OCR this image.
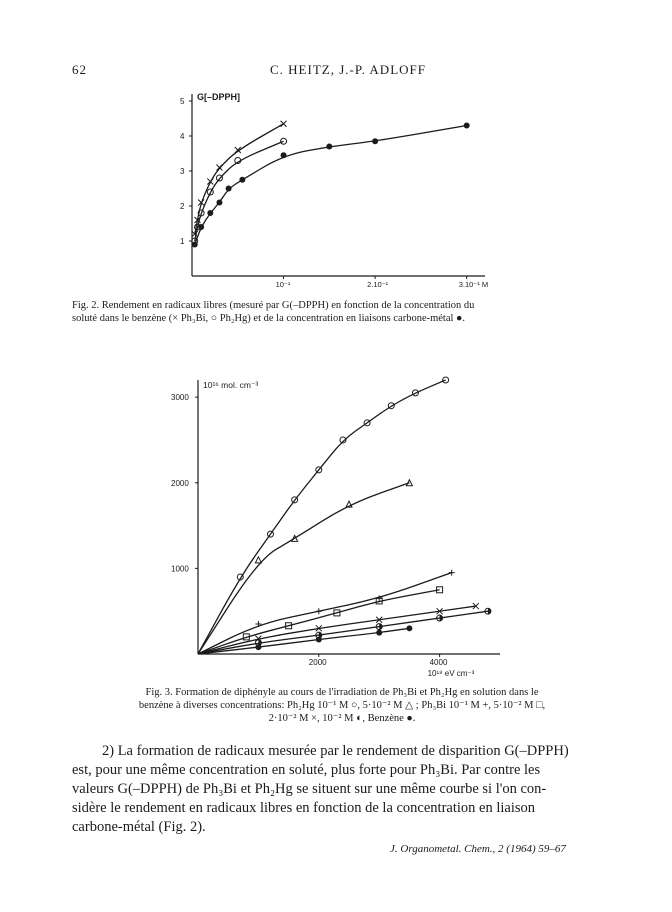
62	C. HEITZ, J.-P. ADLOFF
G[–DPPH]
1
2
3
4
5
10⁻¹	2.10⁻¹	3.10⁻¹ M
Fig. 2. Rendement en radicaux libres (mesuré par G(–DPPH) en fonction de la concentration du
soluté dans le benzène (× Ph₃Bi, ○ Ph₂Hg) et de la concentration en liaisons carbone-métal ●.
10¹⁶ mol. cm⁻³
1000
2000
3000
2000	4000
10¹⁸ eV cm⁻³
Fig. 3. Formation de diphényle au cours de l'irradiation de Ph₃Bi et Ph₂Hg en solution dans le
benzène à diverses concentrations: Ph₂Hg 10⁻¹ M ○, 5·10⁻² M △ ; Ph₃Bi 10⁻¹ M +, 5·10⁻² M □,
2·10⁻² M ×, 10⁻² M ◐, Benzène ●.
2) La formation de radicaux mesurée par le rendement de disparition G(–DPPH)
est, pour une même concentration en soluté, plus forte pour Ph₃Bi. Par contre les
valeurs G(–DPPH) de Ph₃Bi et Ph₂Hg se situent sur une même courbe si l'on con-
sidère le rendement en radicaux libres en fonction de la concentration en liaison
carbone-métal (Fig. 2).
J. Organometal. Chem., 2 (1964) 59–67
